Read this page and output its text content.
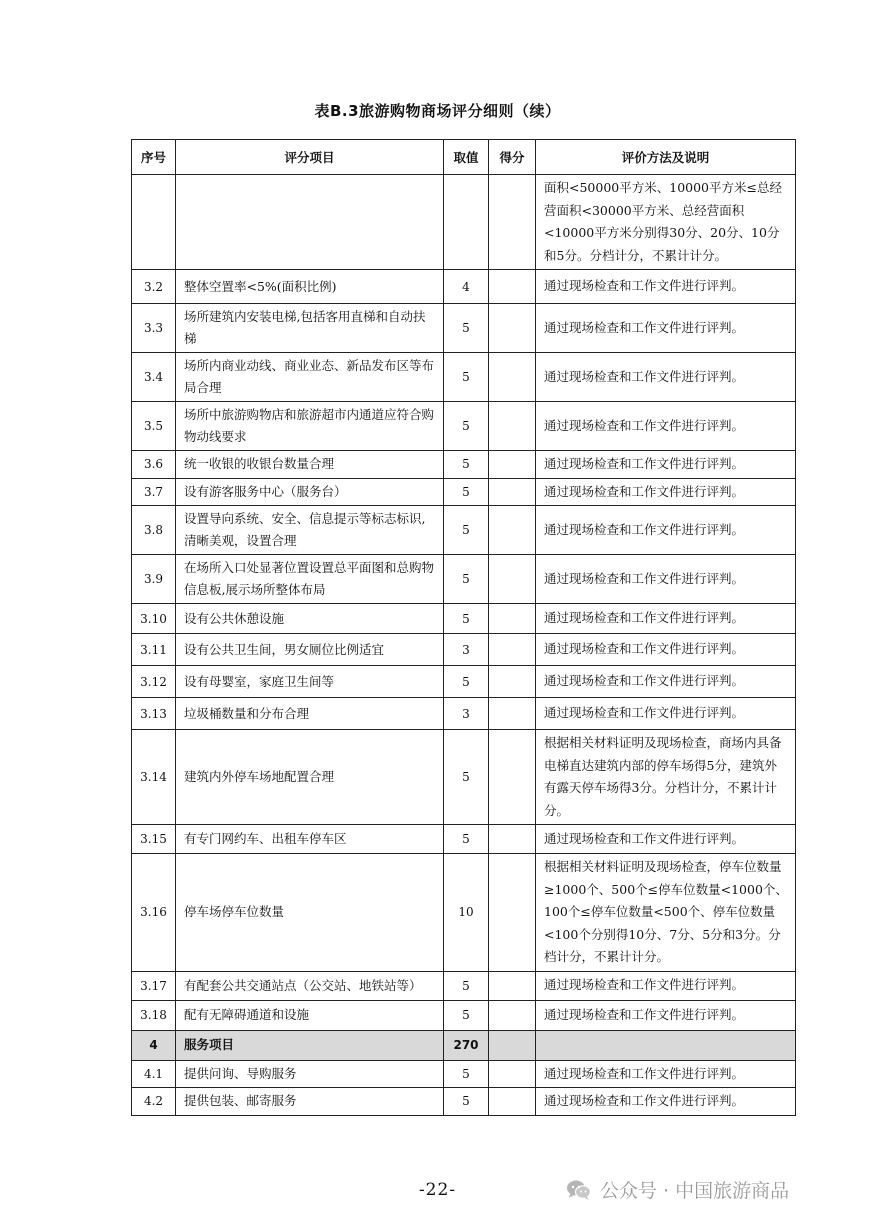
表B.3旅游购物商场评分细则（续）
序号	评分项目	取值	得分	评价方法及说明
				面积<50000平方米、10000平方米≤总经营面积<30000平方米、总经营面积<10000平方米分别得30分、20分、10分和5分。分档计分，不累计计分。
3.2	整体空置率<5%(面积比例)	4		通过现场检查和工作文件进行评判。
3.3	场所建筑内安装电梯,包括客用直梯和自动扶梯	5		通过现场检查和工作文件进行评判。
3.4	场所内商业动线、商业业态、新品发布区等布局合理	5		通过现场检查和工作文件进行评判。
3.5	场所中旅游购物店和旅游超市内通道应符合购物动线要求	5		通过现场检查和工作文件进行评判。
3.6	统一收银的收银台数量合理	5		通过现场检查和工作文件进行评判。
3.7	设有游客服务中心（服务台）	5		通过现场检查和工作文件进行评判。
3.8	设置导向系统、安全、信息提示等标志标识,清晰美观，设置合理	5		通过现场检查和工作文件进行评判。
3.9	在场所入口处显著位置设置总平面图和总购物信息板,展示场所整体布局	5		通过现场检查和工作文件进行评判。
3.10	设有公共休憩设施	5		通过现场检查和工作文件进行评判。
3.11	设有公共卫生间，男女厕位比例适宜	3		通过现场检查和工作文件进行评判。
3.12	设有母婴室，家庭卫生间等	5		通过现场检查和工作文件进行评判。
3.13	垃圾桶数量和分布合理	3		通过现场检查和工作文件进行评判。
3.14	建筑内外停车场地配置合理	5		根据相关材料证明及现场检查，商场内具备电梯直达建筑内部的停车场得5分，建筑外有露天停车场得3分。分档计分，不累计计分。
3.15	有专门网约车、出租车停车区	5		通过现场检查和工作文件进行评判。
3.16	停车场停车位数量	10		根据相关材料证明及现场检查，停车位数量≥1000个、500个≤停车位数量<1000个、100个≤停车位数量<500个、停车位数量<100个分别得10分、7分、5分和3分。分档计分，不累计计分。
3.17	有配套公共交通站点（公交站、地铁站等）	5		通过现场检查和工作文件进行评判。
3.18	配有无障碍通道和设施	5		通过现场检查和工作文件进行评判。
4	服务项目	270		
4.1	提供问询、导购服务	5		通过现场检查和工作文件进行评判。
4.2	提供包装、邮寄服务	5		通过现场检查和工作文件进行评判。
-22-	公众号 · 中国旅游商品
